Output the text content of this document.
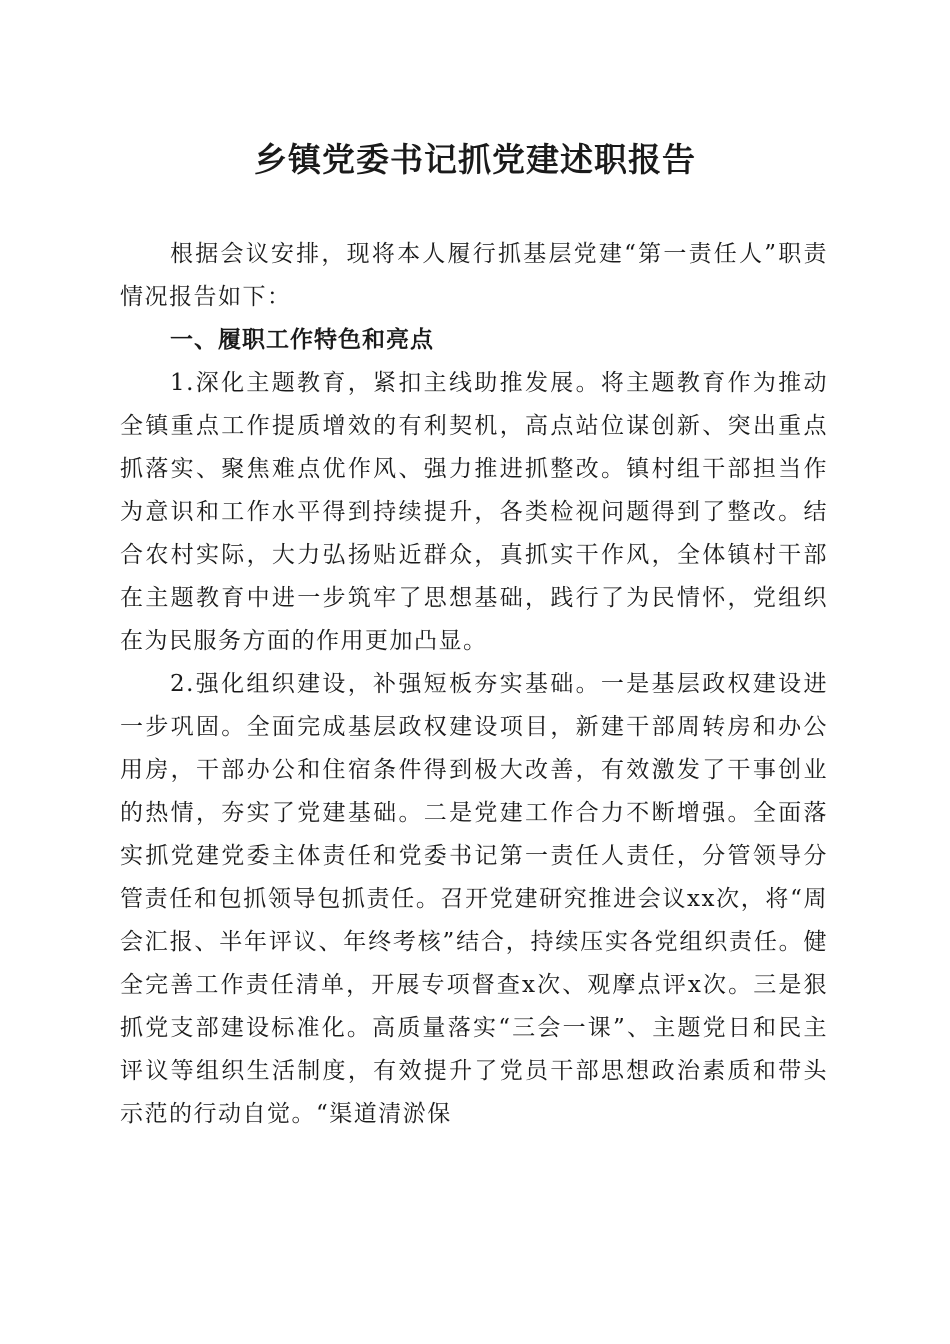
乡镇党委书记抓党建述职报告

根据会议安排，现将本人履行抓基层党建“第一责任人”职责情况报告如下：

一、履职工作特色和亮点

1.深化主题教育，紧扣主线助推发展。将主题教育作为推动全镇重点工作提质增效的有利契机，高点站位谋创新、突出重点抓落实、聚焦难点优作风、强力推进抓整改。镇村组干部担当作为意识和工作水平得到持续提升，各类检视问题得到了整改。结合农村实际，大力弘扬贴近群众，真抓实干作风，全体镇村干部在主题教育中进一步筑牢了思想基础，践行了为民情怀，党组织在为民服务方面的作用更加凸显。

2.强化组织建设，补强短板夯实基础。一是基层政权建设进一步巩固。全面完成基层政权建设项目，新建干部周转房和办公用房，干部办公和住宿条件得到极大改善，有效激发了干事创业的热情，夯实了党建基础。二是党建工作合力不断增强。全面落实抓党建党委主体责任和党委书记第一责任人责任，分管领导分管责任和包抓领导包抓责任。召开党建研究推进会议xx次，将“周会汇报、半年评议、年终考核”结合，持续压实各党组织责任。健全完善工作责任清单，开展专项督查x次、观摩点评x次。三是狠抓党支部建设标准化。高质量落实“三会一课”、主题党日和民主评议等组织生活制度，有效提升了党员干部思想政治素质和带头示范的行动自觉。“渠道清淤保
